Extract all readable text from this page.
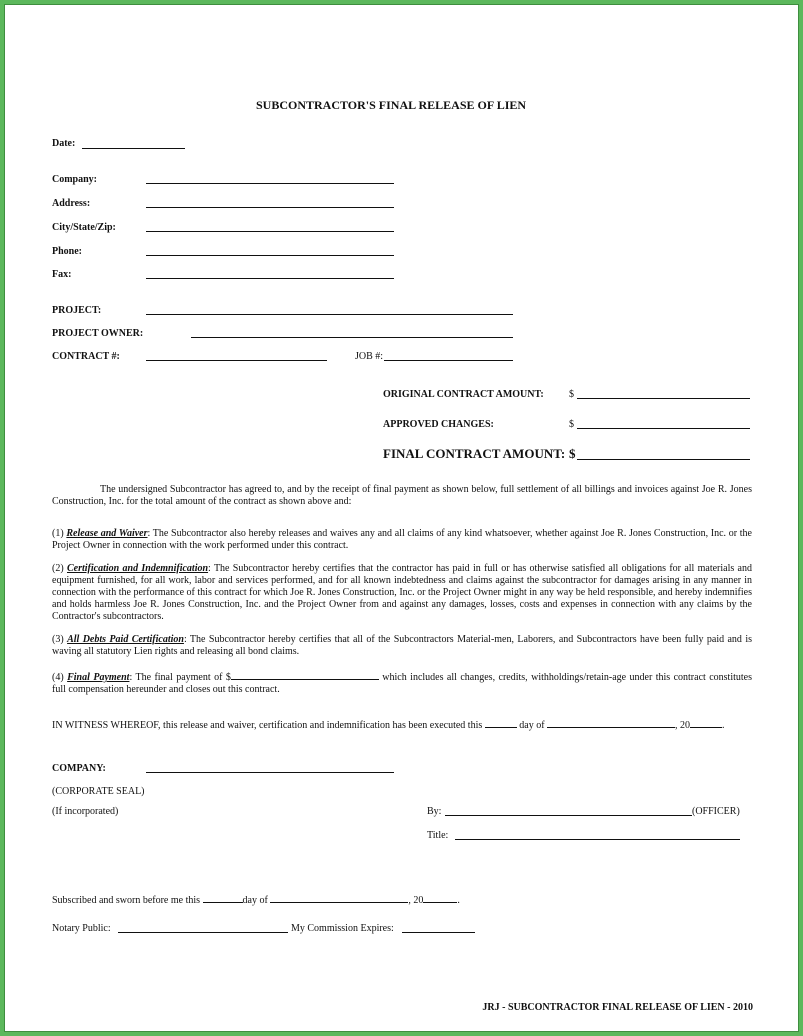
SUBCONTRACTOR'S FINAL RELEASE OF LIEN
Date:
Company:
Address:
City/State/Zip:
Phone:
Fax:
PROJECT:
PROJECT OWNER:
CONTRACT #:	JOB #:
ORIGINAL CONTRACT AMOUNT:	$
APPROVED CHANGES:	$
FINAL CONTRACT AMOUNT: $
The undersigned Subcontractor has agreed to, and by the receipt of final payment as shown below, full settlement of all billings and invoices against Joe R. Jones Construction, Inc. for the total amount of the contract as shown above and:
(1) Release and Waiver: The Subcontractor also hereby releases and waives any and all claims of any kind whatsoever, whether against Joe R. Jones Construction, Inc. or the Project Owner in connection with the work performed under this contract.
(2) Certification and Indemnification: The Subcontractor hereby certifies that the contractor has paid in full or has otherwise satisfied all obligations for all materials and equipment furnished, for all work, labor and services performed, and for all known indebtedness and claims against the subcontractor for damages arising in any manner in connection with the performance of this contract for which Joe R. Jones Construction, Inc. or the Project Owner might in any way be held responsible, and hereby indemnifies and holds harmless Joe R. Jones Construction, Inc. and the Project Owner from and against any damages, losses, costs and expenses in connection with any claims by the Contractor's subcontractors.
(3) All Debts Paid Certification: The Subcontractor hereby certifies that all of the Subcontractors Material-men, Laborers, and Subcontractors have been fully paid and is waving all statutory Lien rights and releasing all bond claims.
(4) Final Payment: The final payment of $	which includes all changes, credits, withholdings/retain-age under this contract constitutes full compensation hereunder and closes out this contract.
IN WITNESS WHEREOF, this release and waiver, certification and indemnification has been executed this	day of	, 20	.
COMPANY:
(CORPORATE SEAL)
(If incorporated)	By:	(OFFICER)
Title:
Subscribed and sworn before me this	day of	, 20	.
Notary Public:	My Commission Expires:
JRJ - SUBCONTRACTOR FINAL RELEASE OF LIEN - 2010
